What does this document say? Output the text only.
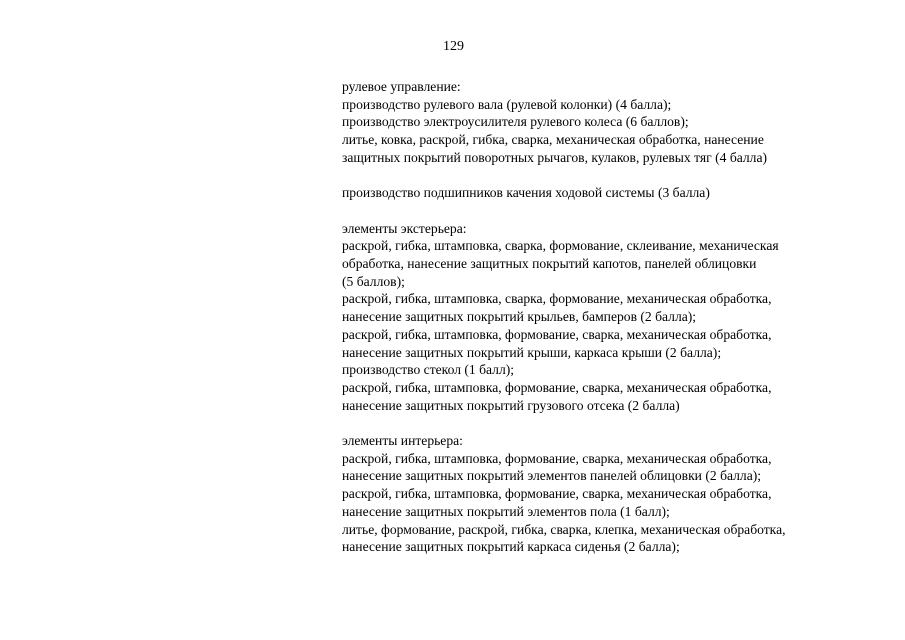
129
рулевое управление:
производство рулевого вала (рулевой колонки) (4 балла);
производство электроусилителя рулевого колеса (6 баллов);
литье, ковка, раскрой, гибка, сварка, механическая обработка, нанесение
защитных покрытий поворотных рычагов, кулаков, рулевых тяг (4 балла)
производство подшипников качения ходовой системы (3 балла)
элементы экстерьера:
раскрой, гибка, штамповка, сварка, формование, склеивание, механическая
обработка, нанесение защитных покрытий капотов, панелей облицовки
(5 баллов);
раскрой, гибка, штамповка, сварка, формование, механическая обработка,
нанесение защитных покрытий крыльев, бамперов (2 балла);
раскрой, гибка, штамповка, формование, сварка, механическая обработка,
нанесение защитных покрытий крыши, каркаса крыши (2 балла);
производство стекол (1 балл);
раскрой, гибка, штамповка, формование, сварка, механическая обработка,
нанесение защитных покрытий грузового отсека (2 балла)
элементы интерьера:
раскрой, гибка, штамповка, формование, сварка, механическая обработка,
нанесение защитных покрытий элементов панелей облицовки (2 балла);
раскрой, гибка, штамповка, формование, сварка, механическая обработка,
нанесение защитных покрытий элементов пола (1 балл);
литье, формование, раскрой, гибка, сварка, клепка, механическая обработка,
нанесение защитных покрытий каркаса сиденья (2 балла);
